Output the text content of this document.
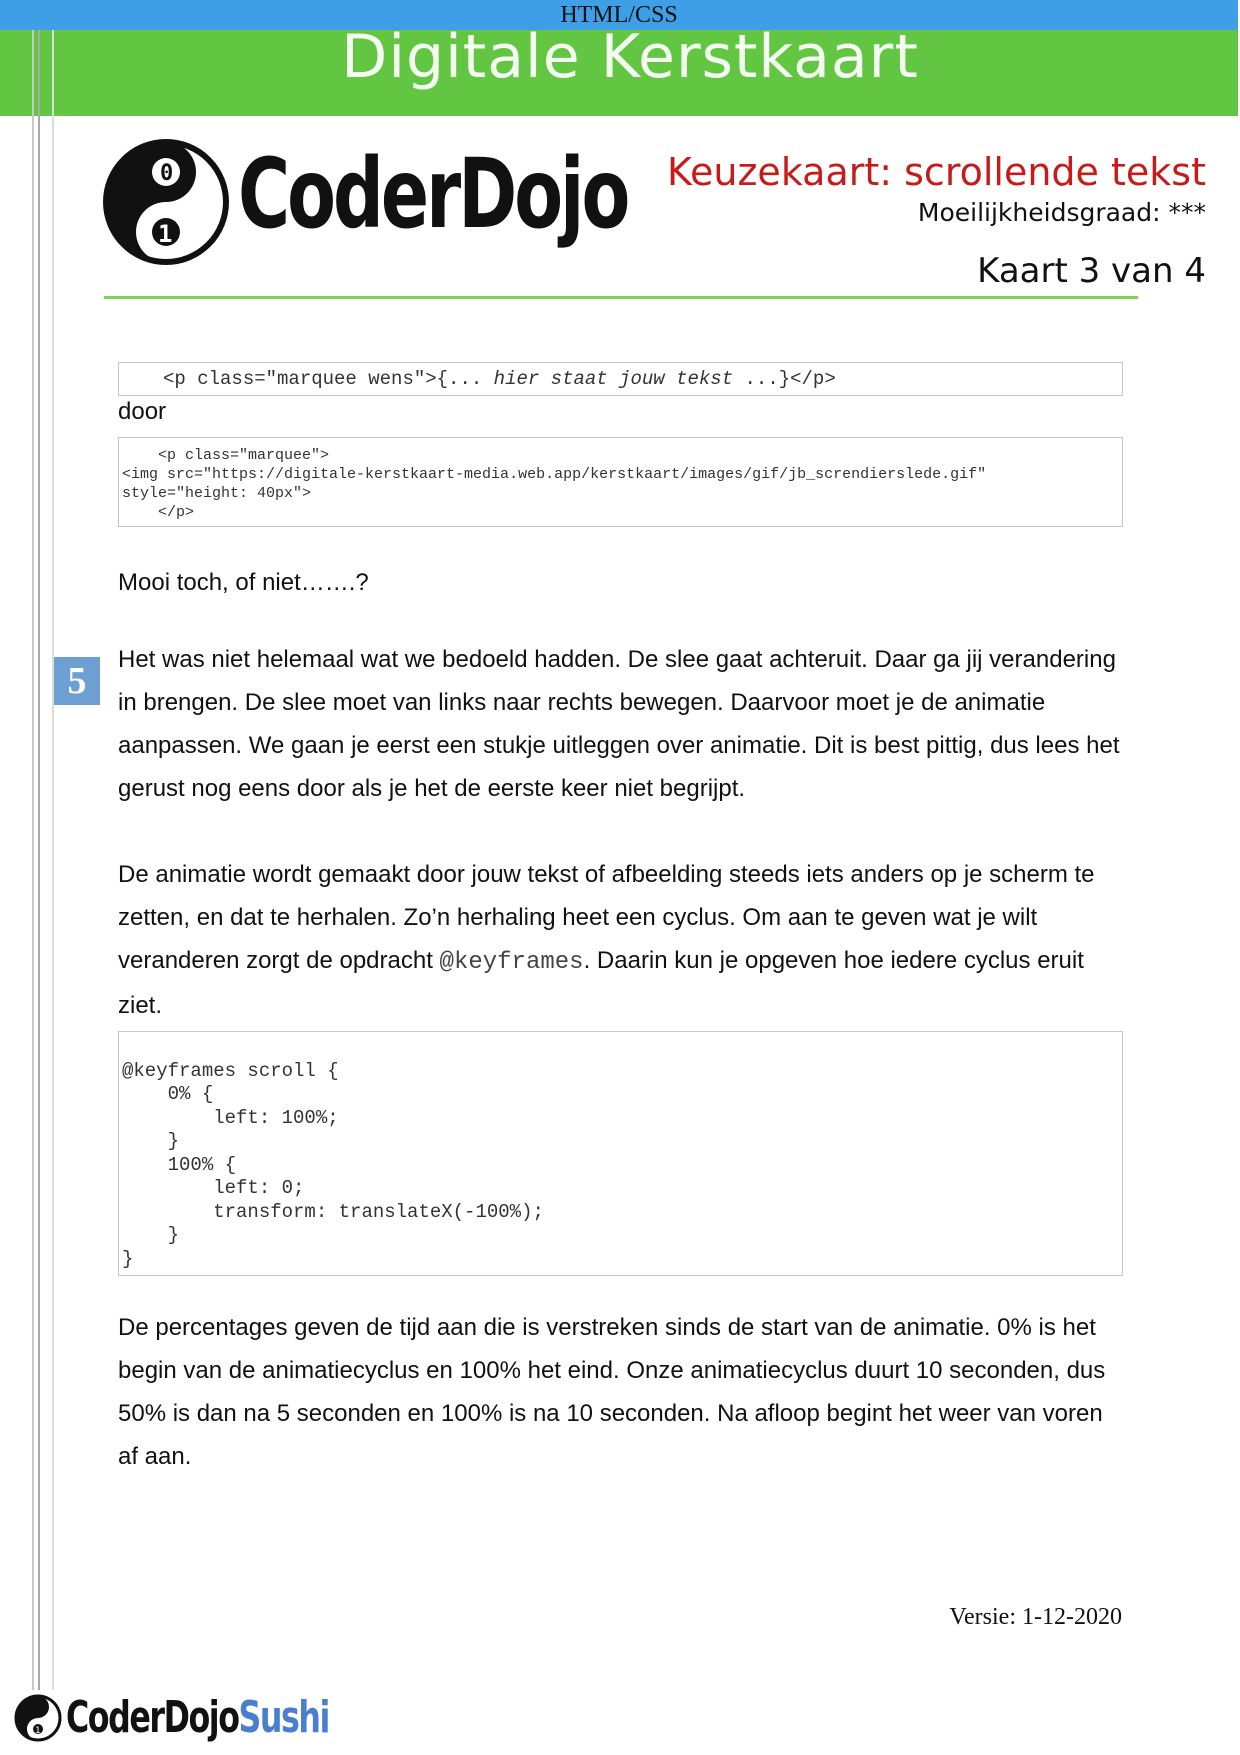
HTML/CSS
Digitale Kerstkaart
0
1 CoderDojo Keuzekaart: scrollende tekst
Moeilijkheidsgraad: ***
Kaart 3 van 4
5
<p class="marquee wens">{... hier staat jouw tekst ...}</p>

door

<p class="marquee">
<img src="https://digitale-kerstkaart-media.web.app/kerstkaart/images/gif/jb_screndierslede.gif"
style="height: 40px">
</p>

Mooi toch, of niet…….?

Het was niet helemaal wat we bedoeld hadden. De slee gaat achteruit. Daar ga jij verandering in brengen. De slee moet van links naar rechts bewegen. Daarvoor moet je de animatie aanpassen. We gaan je eerst een stukje uitleggen over animatie. Dit is best pittig, dus lees het gerust nog eens door als je het de eerste keer niet begrijpt.

De animatie wordt gemaakt door jouw tekst of afbeelding steeds iets anders op je scherm te zetten, en dat te herhalen. Zo’n herhaling heet een cyclus. Om aan te geven wat je wilt veranderen zorgt de opdracht @keyframes. Daarin kun je opgeven hoe iedere cyclus eruit ziet.

@keyframes scroll {
0% {
left: 100%;
}
100% {
left: 0;
transform: translateX(-100%);
}
}

De percentages geven de tijd aan die is verstreken sinds de start van de animatie. 0% is het begin van de animatiecyclus en 100% het eind. Onze animatiecyclus duurt 10 seconden, dus 50% is dan na 5 seconden en 100% is na 10 seconden. Na afloop begint het weer van voren af aan.

Versie: 1-12-2020
1 CoderDojoSushi
